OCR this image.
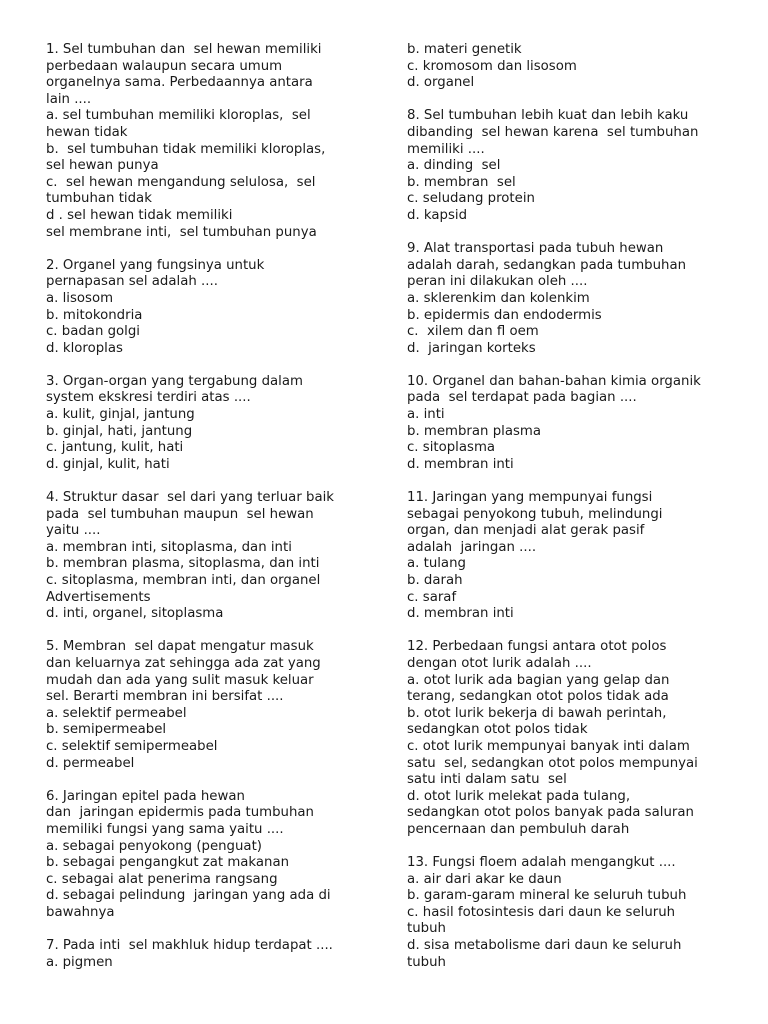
1. Sel tumbuhan dan  sel hewan memiliki
perbedaan walaupun secara umum
organelnya sama. Perbedaannya antara
lain ....
a. sel tumbuhan memiliki kloroplas,  sel
hewan tidak
b.  sel tumbuhan tidak memiliki kloroplas,
sel hewan punya
c.  sel hewan mengandung selulosa,  sel
tumbuhan tidak
d . sel hewan tidak memiliki
sel membrane inti,  sel tumbuhan punya
2. Organel yang fungsinya untuk
pernapasan sel adalah ....
a. lisosom
b. mitokondria
c. badan golgi
d. kloroplas
3. Organ-organ yang tergabung dalam
system ekskresi terdiri atas ....
a. kulit, ginjal, jantung
b. ginjal, hati, jantung
c. jantung, kulit, hati
d. ginjal, kulit, hati
4. Struktur dasar  sel dari yang terluar baik
pada  sel tumbuhan maupun  sel hewan
yaitu ....
a. membran inti, sitoplasma, dan inti
b. membran plasma, sitoplasma, dan inti
c. sitoplasma, membran inti, dan organel
Advertisements
d. inti, organel, sitoplasma
5. Membran  sel dapat mengatur masuk
dan keluarnya zat sehingga ada zat yang
mudah dan ada yang sulit masuk keluar
sel. Berarti membran ini bersifat ....
a. selektif permeabel
b. semipermeabel
c. selektif semipermeabel
d. permeabel
6. Jaringan epitel pada hewan
dan  jaringan epidermis pada tumbuhan
memiliki fungsi yang sama yaitu ....
a. sebagai penyokong (penguat)
b. sebagai pengangkut zat makanan
c. sebagai alat penerima rangsang
d. sebagai pelindung  jaringan yang ada di
bawahnya
7. Pada inti  sel makhluk hidup terdapat ....
a. pigmen
b. materi genetik
c. kromosom dan lisosom
d. organel
8. Sel tumbuhan lebih kuat dan lebih kaku
dibanding  sel hewan karena  sel tumbuhan
memiliki ....
a. dinding  sel
b. membran  sel
c. seludang protein
d. kapsid
9. Alat transportasi pada tubuh hewan
adalah darah, sedangkan pada tumbuhan
peran ini dilakukan oleh ....
a. sklerenkim dan kolenkim
b. epidermis dan endodermis
c.  xilem dan fl oem
d.  jaringan korteks
10. Organel dan bahan-bahan kimia organik
pada  sel terdapat pada bagian ....
a. inti
b. membran plasma
c. sitoplasma
d. membran inti
11. Jaringan yang mempunyai fungsi
sebagai penyokong tubuh, melindungi
organ, dan menjadi alat gerak pasif
adalah  jaringan ....
a. tulang
b. darah
c. saraf
d. membran inti
12. Perbedaan fungsi antara otot polos
dengan otot lurik adalah ....
a. otot lurik ada bagian yang gelap dan
terang, sedangkan otot polos tidak ada
b. otot lurik bekerja di bawah perintah,
sedangkan otot polos tidak
c. otot lurik mempunyai banyak inti dalam
satu  sel, sedangkan otot polos mempunyai
satu inti dalam satu  sel
d. otot lurik melekat pada tulang,
sedangkan otot polos banyak pada saluran
pencernaan dan pembuluh darah
13. Fungsi floem adalah mengangkut ....
a. air dari akar ke daun
b. garam-garam mineral ke seluruh tubuh
c. hasil fotosintesis dari daun ke seluruh
tubuh
d. sisa metabolisme dari daun ke seluruh
tubuh
